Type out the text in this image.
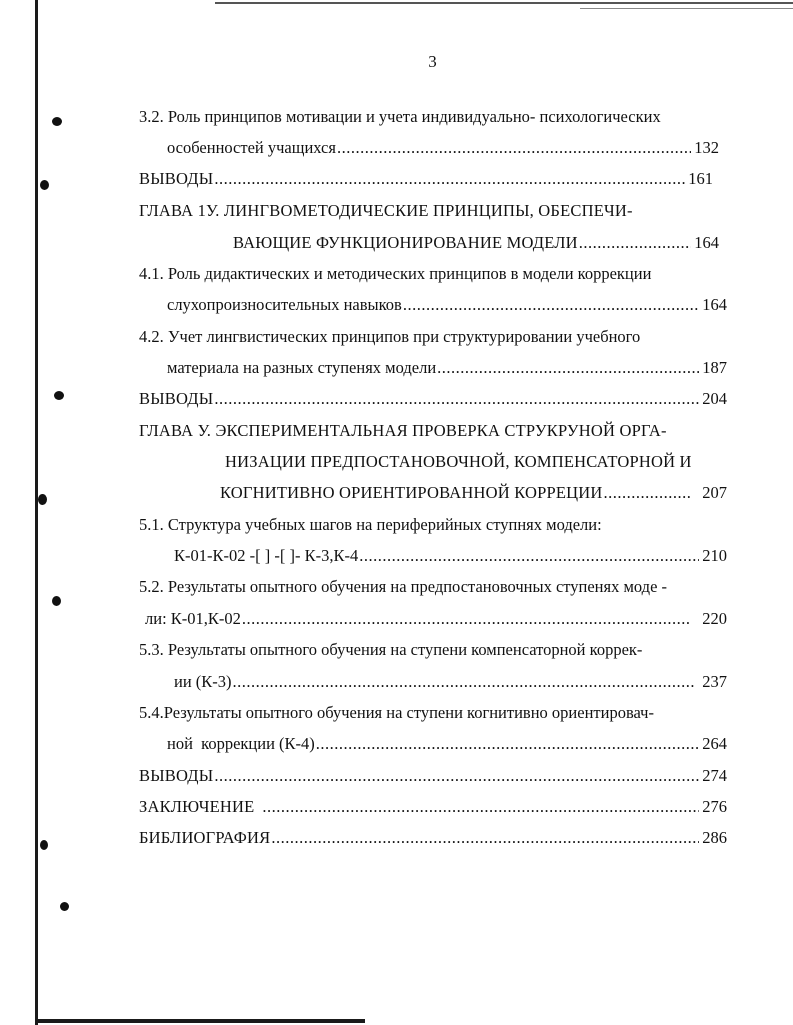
3
3.2. Роль принципов мотивации и учета индивидуально- психологических
особенностей учащихся .....	132
ВЫВОДЫ .....	161
ГЛАВА 1У. ЛИНГВОМЕТОДИЧЕСКИЕ ПРИНЦИПЫ, ОБЕСПЕЧИ-
ВАЮЩИЕ ФУНКЦИОНИРОВАНИЕ МОДЕЛИ .....	164
4.1. Роль дидактических и методических принципов в модели коррекции
слухопроизносительных навыков .....	164
4.2. Учет лингвистических принципов при структурировании учебного
материала на разных ступенях модели .....	187
ВЫВОДЫ .....	204
ГЛАВА У. ЭКСПЕРИМЕНТАЛЬНАЯ ПРОВЕРКА СТРУКРУНОЙ ОРГА-
НИЗАЦИИ ПРЕДПОСТАНОВОЧНОЙ, КОМПЕНСАТОРНОЙ И
КОГНИТИВНО ОРИЕНТИРОВАННОЙ КОРРЕЦИИ .....	207
5.1. Структура учебных шагов на периферийных ступнях модели:
К-01-К-02 -[ ] -[ ]- К-3,К-4 .....	210
5.2. Результаты опытного обучения на предпостановочных ступенях моде -
ли: К-01,К-02 .....	220
5.3. Результаты опытного обучения на ступени компенсаторной коррек-
ии (К-3) .....	237
5.4.Результаты опытного обучения на ступени когнитивно ориентировач-
ной  коррекции (К-4) .....	264
ВЫВОДЫ .....	274
ЗАКЛЮЧЕНИЕ .....	276
БИБЛИОГРАФИЯ .....	286
